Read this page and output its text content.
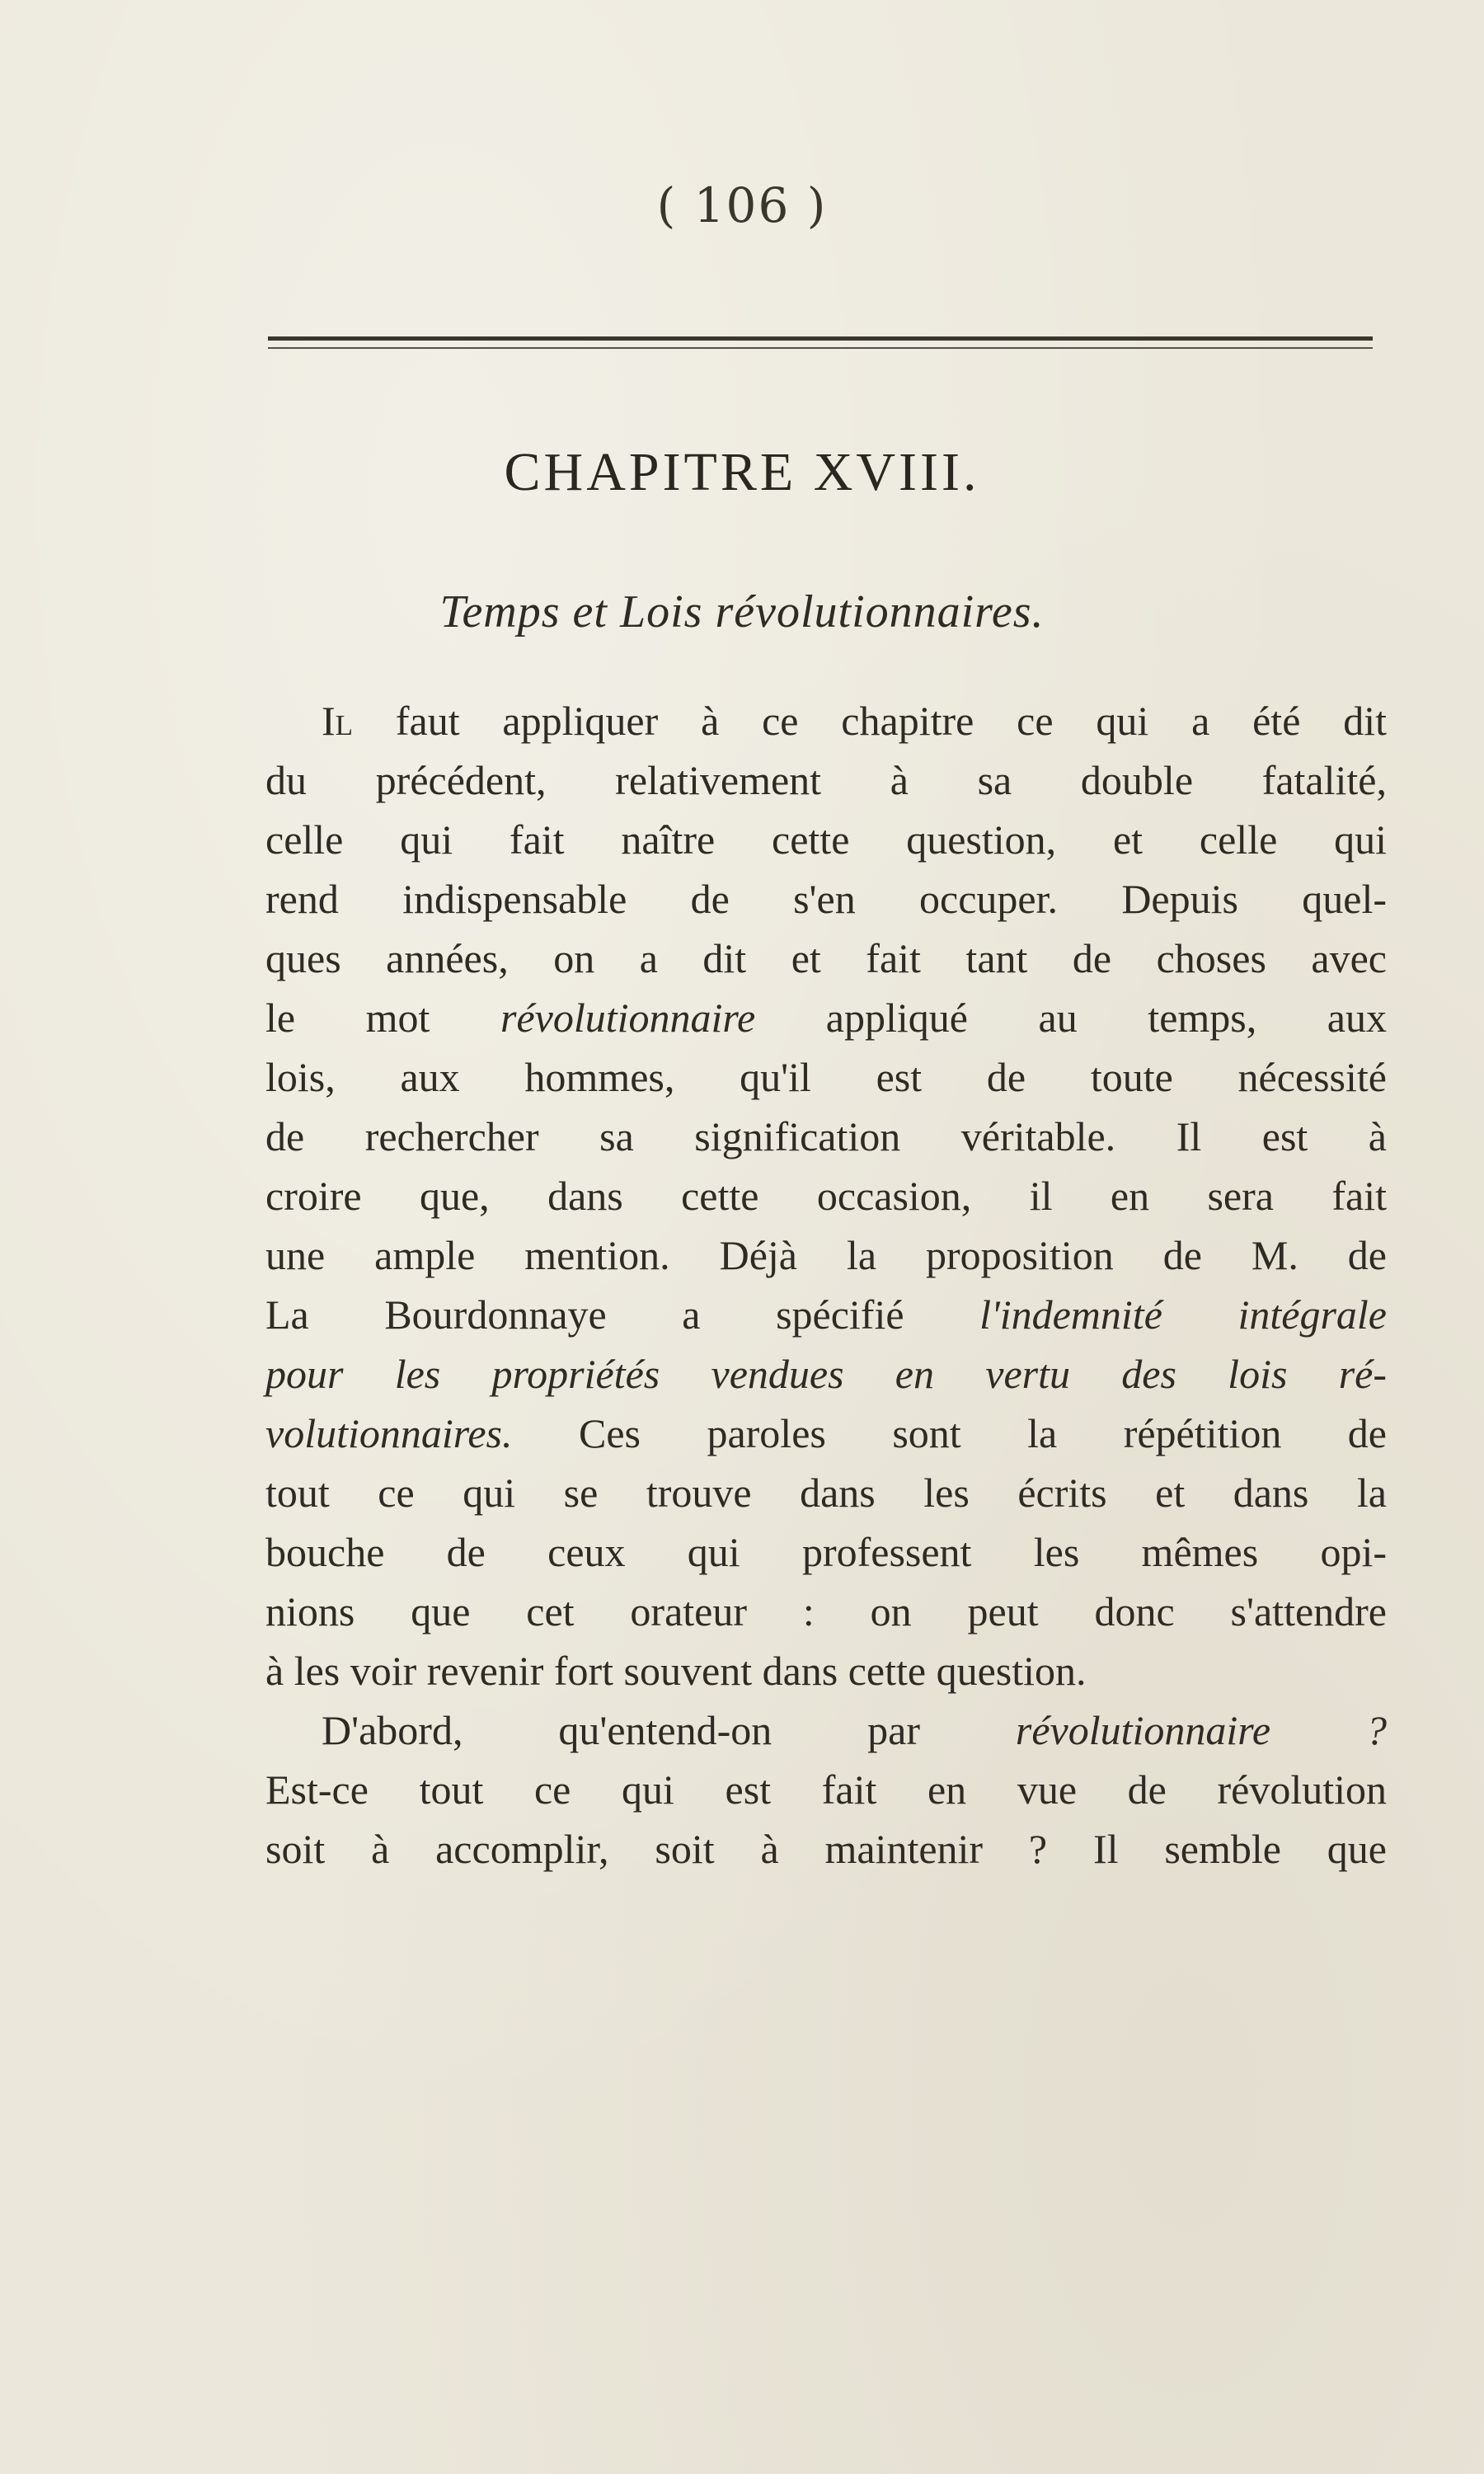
( 106 )
CHAPITRE XVIII.
Temps et Lois révolutionnaires.
Il faut appliquer à ce chapitre ce qui a été dit
du précédent, relativement à sa double fatalité,
celle qui fait naître cette question, et celle qui
rend indispensable de s'en occuper. Depuis quel-
ques années, on a dit et fait tant de choses avec
le mot révolutionnaire appliqué au temps, aux
lois, aux hommes, qu'il est de toute nécessité
de rechercher sa signification véritable. Il est à
croire que, dans cette occasion, il en sera fait
une ample mention. Déjà la proposition de M. de
La Bourdonnaye a spécifié l'indemnité intégrale
pour les propriétés vendues en vertu des lois ré-
volutionnaires. Ces paroles sont la répétition de
tout ce qui se trouve dans les écrits et dans la
bouche de ceux qui professent les mêmes opi-
nions que cet orateur : on peut donc s'attendre
à les voir revenir fort souvent dans cette question.
D'abord, qu'entend-on par révolutionnaire ?
Est-ce tout ce qui est fait en vue de révolution
soit à accomplir, soit à maintenir ? Il semble que
